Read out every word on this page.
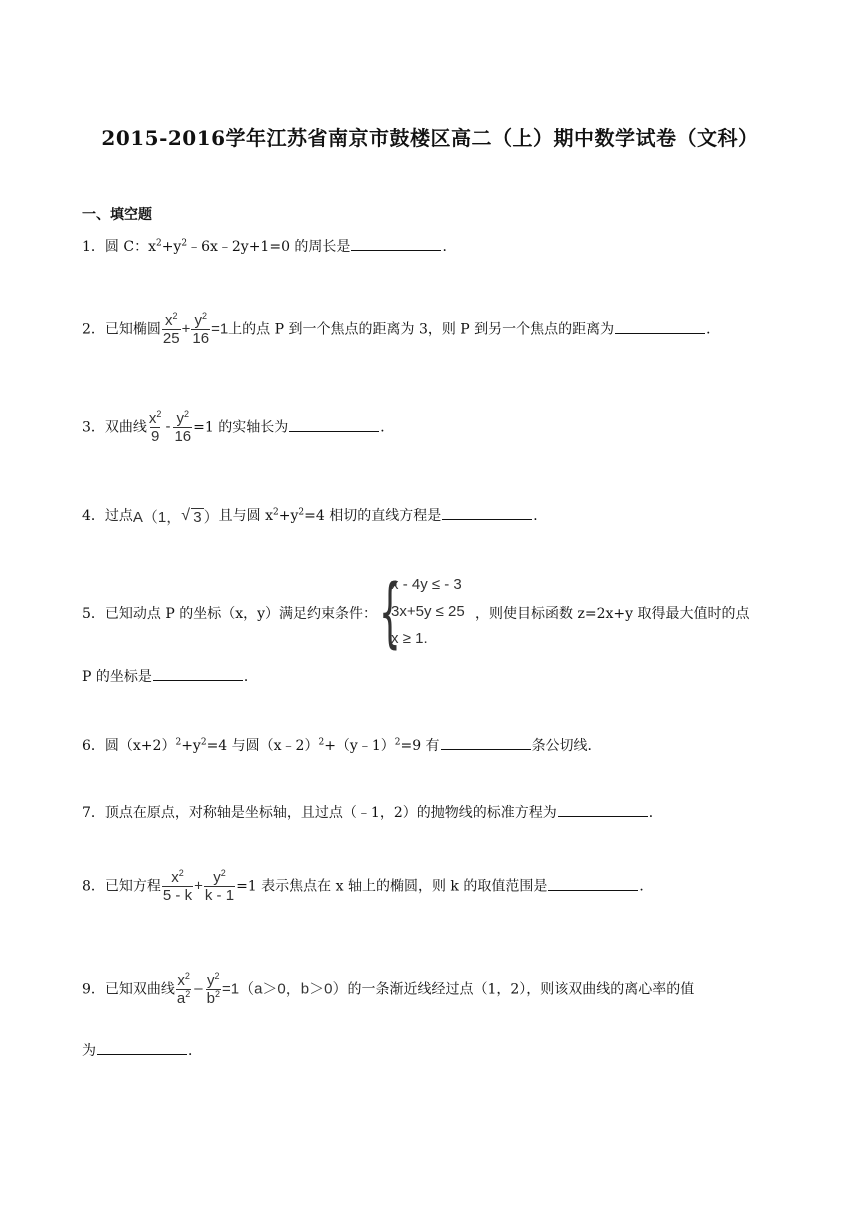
2015-2016学年江苏省南京市鼓楼区高二（上）期中数学试卷（文科）
一、填空题
1．圆 C：$x^2+y^2﹣6x﹣2y+1=0$ 的周长是	．
2．已知椭圆 $\frac{x^2}{25} + \frac{y^2}{16} =1$上的点 P 到一个焦点的距离为 3，则 P 到另一个焦点的距离为	．
3．双曲线 $\frac{x^2}{9} - \frac{y^2}{16} =1$ 的实轴长为	．
4．过点A（1， √ 3 ）且与圆 $x^2+y^2=4$ 相切的直线方程是	．
5．已知动点 P 的坐标（x，y）满足约束条件： {
x - 4y ≤ - 3
3x+5y ≤ 25
x ≥ 1.
，则使目标函数 z=2x+y 取得最大值时的点
P 的坐标是	．
6．圆$(x+2)^2+y^2=4$ 与圆（x﹣2）$^2$+（y﹣1）$^2$=9 有	条公切线．
7．顶点在原点，对称轴是坐标轴，且过点（﹣1，2）的抛物线的标准方程为	．
8．已知方程 $\frac{x^2}{5 - k} + \frac{y^2}{k - 1} =1$ 表示焦点在 x 轴上的椭圆，则 k 的取值范围是	．
9．已知双曲线 $\frac{x^2}{a^2} - \frac{y^2}{b^2} =1(a>0$，b＞0）的一条渐近线经过点（1，2），则该双曲线的离心率的值
为	．
